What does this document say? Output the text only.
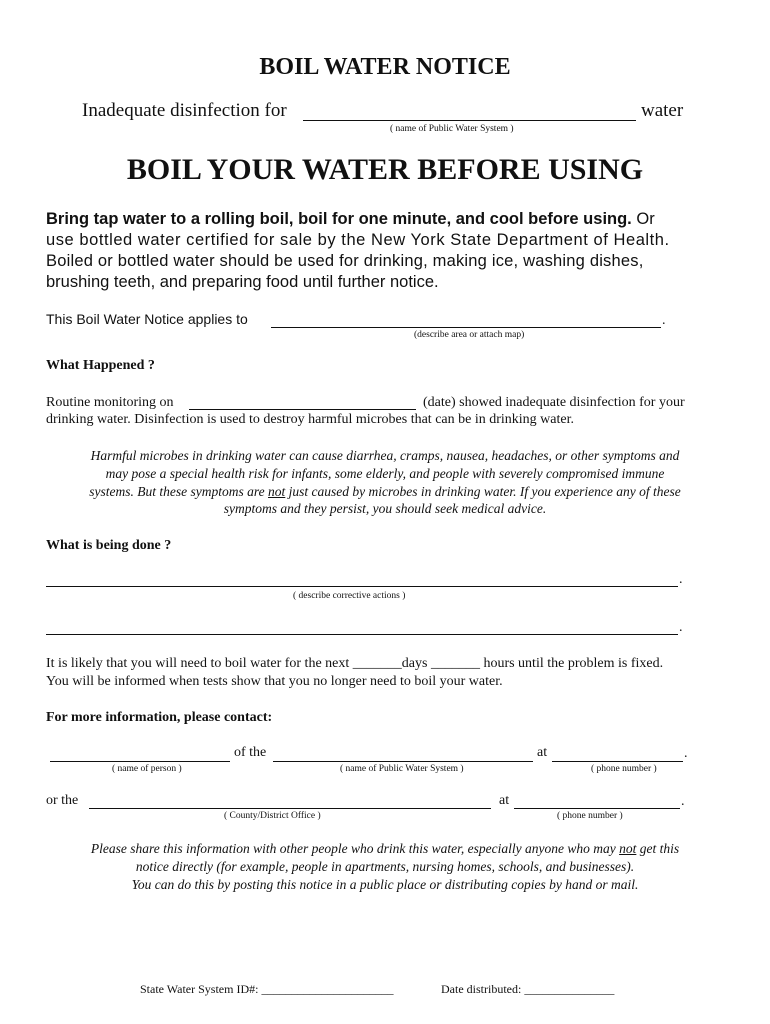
BOIL WATER NOTICE
Inadequate disinfection for	water
( name of Public Water System )
BOIL YOUR WATER BEFORE USING
Bring tap water to a rolling boil, boil for one minute, and cool before using. Or
use bottled water certified for sale by the New York State Department of Health.
Boiled or bottled water should be used for drinking, making ice, washing dishes,
brushing teeth, and preparing food until further notice.
This Boil Water Notice applies to	.
(describe area or attach map)
What Happened ?
Routine monitoring on	(date) showed inadequate disinfection for your
drinking water. Disinfection is used to destroy harmful microbes that can be in drinking water.
Harmful microbes in drinking water can cause diarrhea, cramps, nausea, headaches, or other symptoms and
may pose a special health risk for infants, some elderly, and people with severely compromised immune
systems. But these symptoms are not just caused by microbes in drinking water. If you experience any of these
symptoms and they persist, you should seek medical advice.
What is being done ?
.
( describe corrective actions )
.
It is likely that you will need to boil water for the next _______days _______ hours until the problem is fixed.
You will be informed when tests show that you no longer need to boil your water.
For more information, please contact:
of the	at	.
( name of person )	( name of Public Water System )	( phone number )
or the	at	.
( County/District Office )	( phone number )
Please share this information with other people who drink this water, especially anyone who may not get this
notice directly (for example, people in apartments, nursing homes, schools, and businesses).
You can do this by posting this notice in a public place or distributing copies by hand or mail.
State Water System ID#: ______________________	Date distributed: _______________
